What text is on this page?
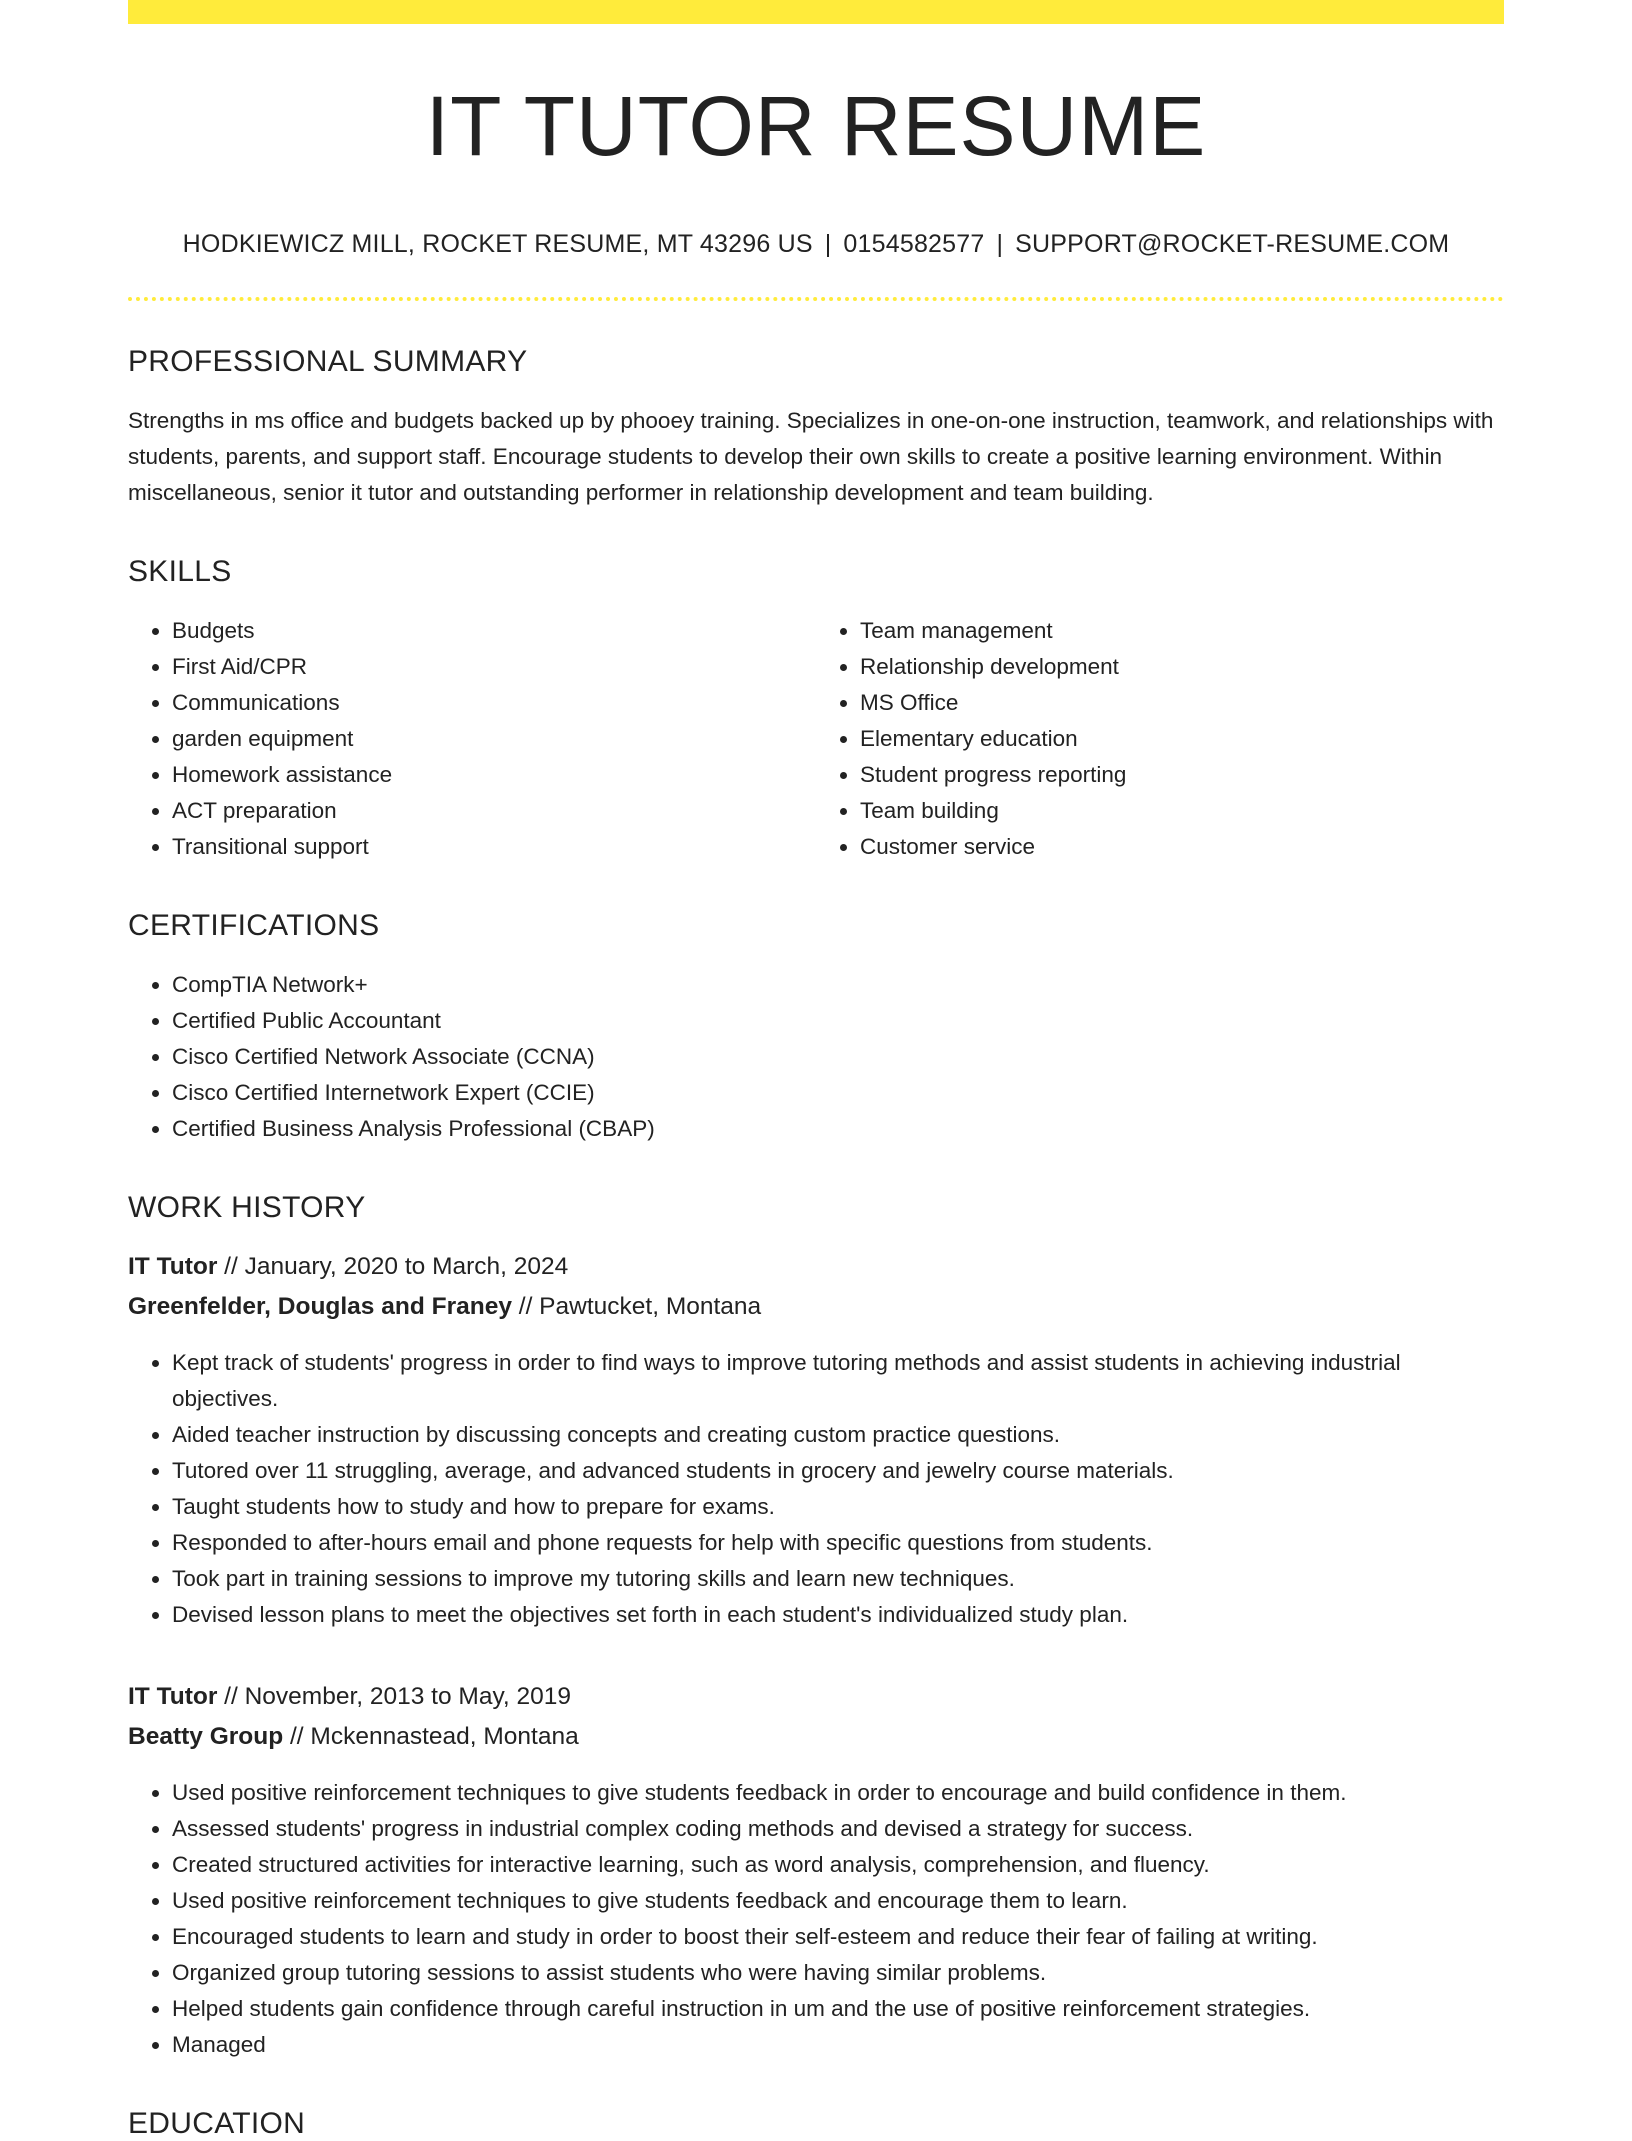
IT TUTOR RESUME
HODKIEWICZ MILL, ROCKET RESUME, MT 43296 US | 0154582577 | SUPPORT@ROCKET-RESUME.COM
PROFESSIONAL SUMMARY

Strengths in ms office and budgets backed up by phooey training. Specializes in one-on-one instruction, teamwork, and relationships with students, parents, and support staff. Encourage students to develop their own skills to create a positive learning environment. Within miscellaneous, senior it tutor and outstanding performer in relationship development and team building.

SKILLS
• Budgets
• First Aid/CPR
• Communications
• garden equipment
• Homework assistance
• ACT preparation
• Transitional support
• Team management
• Relationship development
• MS Office
• Elementary education
• Student progress reporting
• Team building
• Customer service
CERTIFICATIONS
• CompTIA Network+
• Certified Public Accountant
• Cisco Certified Network Associate (CCNA)
• Cisco Certified Internetwork Expert (CCIE)
• Certified Business Analysis Professional (CBAP)
WORK HISTORY
IT Tutor // January, 2020 to March, 2024
Greenfelder, Douglas and Franey // Pawtucket, Montana
• Kept track of students' progress in order to find ways to improve tutoring methods and assist students in achieving industrial objectives.
• Aided teacher instruction by discussing concepts and creating custom practice questions.
• Tutored over 11 struggling, average, and advanced students in grocery and jewelry course materials.
• Taught students how to study and how to prepare for exams.
• Responded to after-hours email and phone requests for help with specific questions from students.
• Took part in training sessions to improve my tutoring skills and learn new techniques.
• Devised lesson plans to meet the objectives set forth in each student's individualized study plan.
IT Tutor // November, 2013 to May, 2019
Beatty Group // Mckennastead, Montana
• Used positive reinforcement techniques to give students feedback in order to encourage and build confidence in them.
• Assessed students' progress in industrial complex coding methods and devised a strategy for success.
• Created structured activities for interactive learning, such as word analysis, comprehension, and fluency.
• Used positive reinforcement techniques to give students feedback and encourage them to learn.
• Encouraged students to learn and study in order to boost their self-esteem and reduce their fear of failing at writing.
• Organized group tutoring sessions to assist students who were having similar problems.
• Helped students gain confidence through careful instruction in um and the use of positive reinforcement strategies.
• Managed
EDUCATION
